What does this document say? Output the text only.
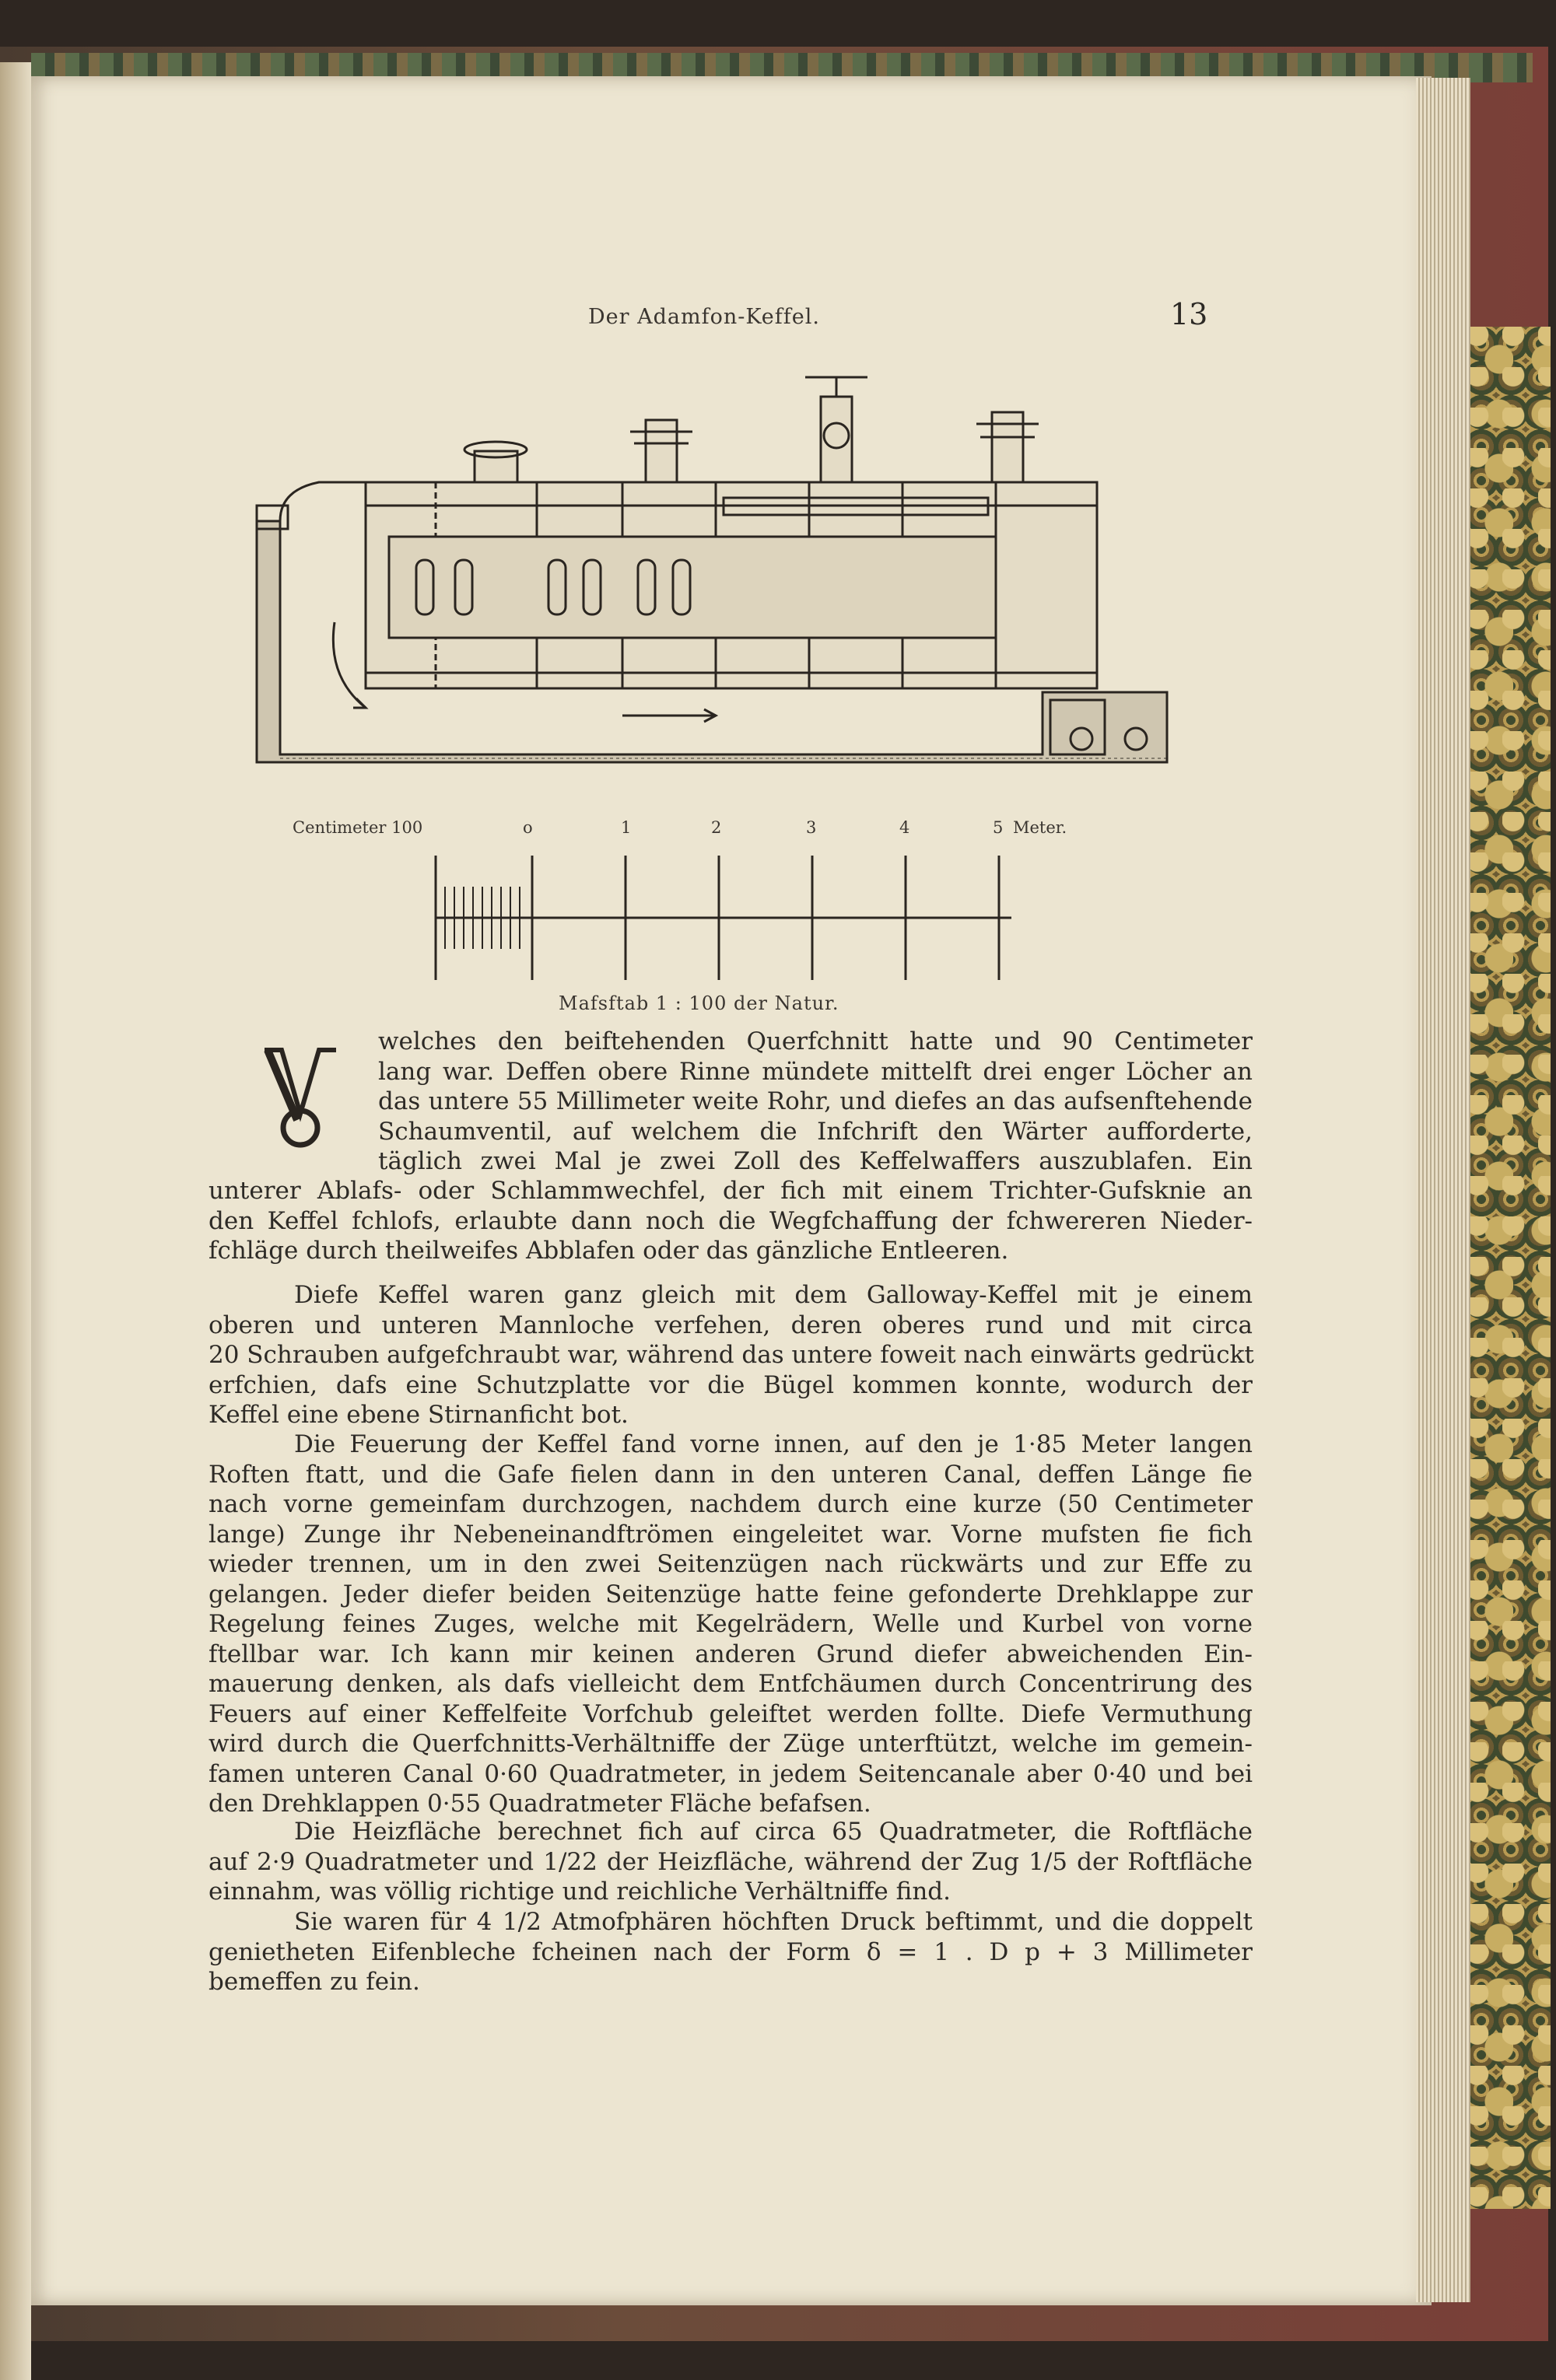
Der Adamfon-Keffel.	13
Centimeter 100	o	1	2	3	4	5 Meter.
Mafsftab 1 : 100 der Natur.
welches den beiftehenden Querfchnitt hatte und 90 Centimeter
lang war. Deffen obere Rinne mündete mittelft drei enger Löcher an
das untere 55 Millimeter weite Rohr, und diefes an das aufsenftehende
Schaumventil, auf welchem die Infchrift den Wärter aufforderte,
täglich zwei Mal je zwei Zoll des Keffelwaffers auszublafen. Ein
unterer Ablafs- oder Schlammwechfel, der fich mit einem Trichter-Gufsknie an
den Keffel fchlofs, erlaubte dann noch die Wegfchaffung der fchwereren Nieder-
fchläge durch theilweifes Abblafen oder das gänzliche Entleeren.
Diefe Keffel waren ganz gleich mit dem Galloway-Keffel mit je einem
oberen und unteren Mannloche verfehen, deren oberes rund und mit circa
20 Schrauben aufgefchraubt war, während das untere foweit nach einwärts gedrückt
erfchien, dafs eine Schutzplatte vor die Bügel kommen konnte, wodurch der
Keffel eine ebene Stirnanficht bot.
Die Feuerung der Keffel fand vorne innen, auf den je 1·85 Meter langen
Roften ftatt, und die Gafe fielen dann in den unteren Canal, deffen Länge fie
nach vorne gemeinfam durchzogen, nachdem durch eine kurze (50 Centimeter
lange) Zunge ihr Nebeneinandftrömen eingeleitet war. Vorne mufsten fie fich
wieder trennen, um in den zwei Seitenzügen nach rückwärts und zur Effe zu
gelangen. Jeder diefer beiden Seitenzüge hatte feine gefonderte Drehklappe zur
Regelung feines Zuges, welche mit Kegelrädern, Welle und Kurbel von vorne
ftellbar war. Ich kann mir keinen anderen Grund diefer abweichenden Ein-
mauerung denken, als dafs vielleicht dem Entfchäumen durch Concentrirung des
Feuers auf einer Keffelfeite Vorfchub geleiftet werden follte. Diefe Vermuthung
wird durch die Querfchnitts-Verhältniffe der Züge unterftützt, welche im gemein-
famen unteren Canal 0·60 Quadratmeter, in jedem Seitencanale aber 0·40 und bei
den Drehklappen 0·55 Quadratmeter Fläche befafsen.
Die Heizfläche berechnet fich auf circa 65 Quadratmeter, die Roftfläche
auf 2·9 Quadratmeter und 1/22 der Heizfläche, während der Zug 1/5 der Roftfläche
einnahm, was völlig richtige und reichliche Verhältniffe find.
Sie waren für 4 1/2 Atmofphären höchften Druck beftimmt, und die doppelt
genietheten Eifenbleche fcheinen nach der Form δ = 1 . D p + 3 Millimeter
bemeffen zu fein.
